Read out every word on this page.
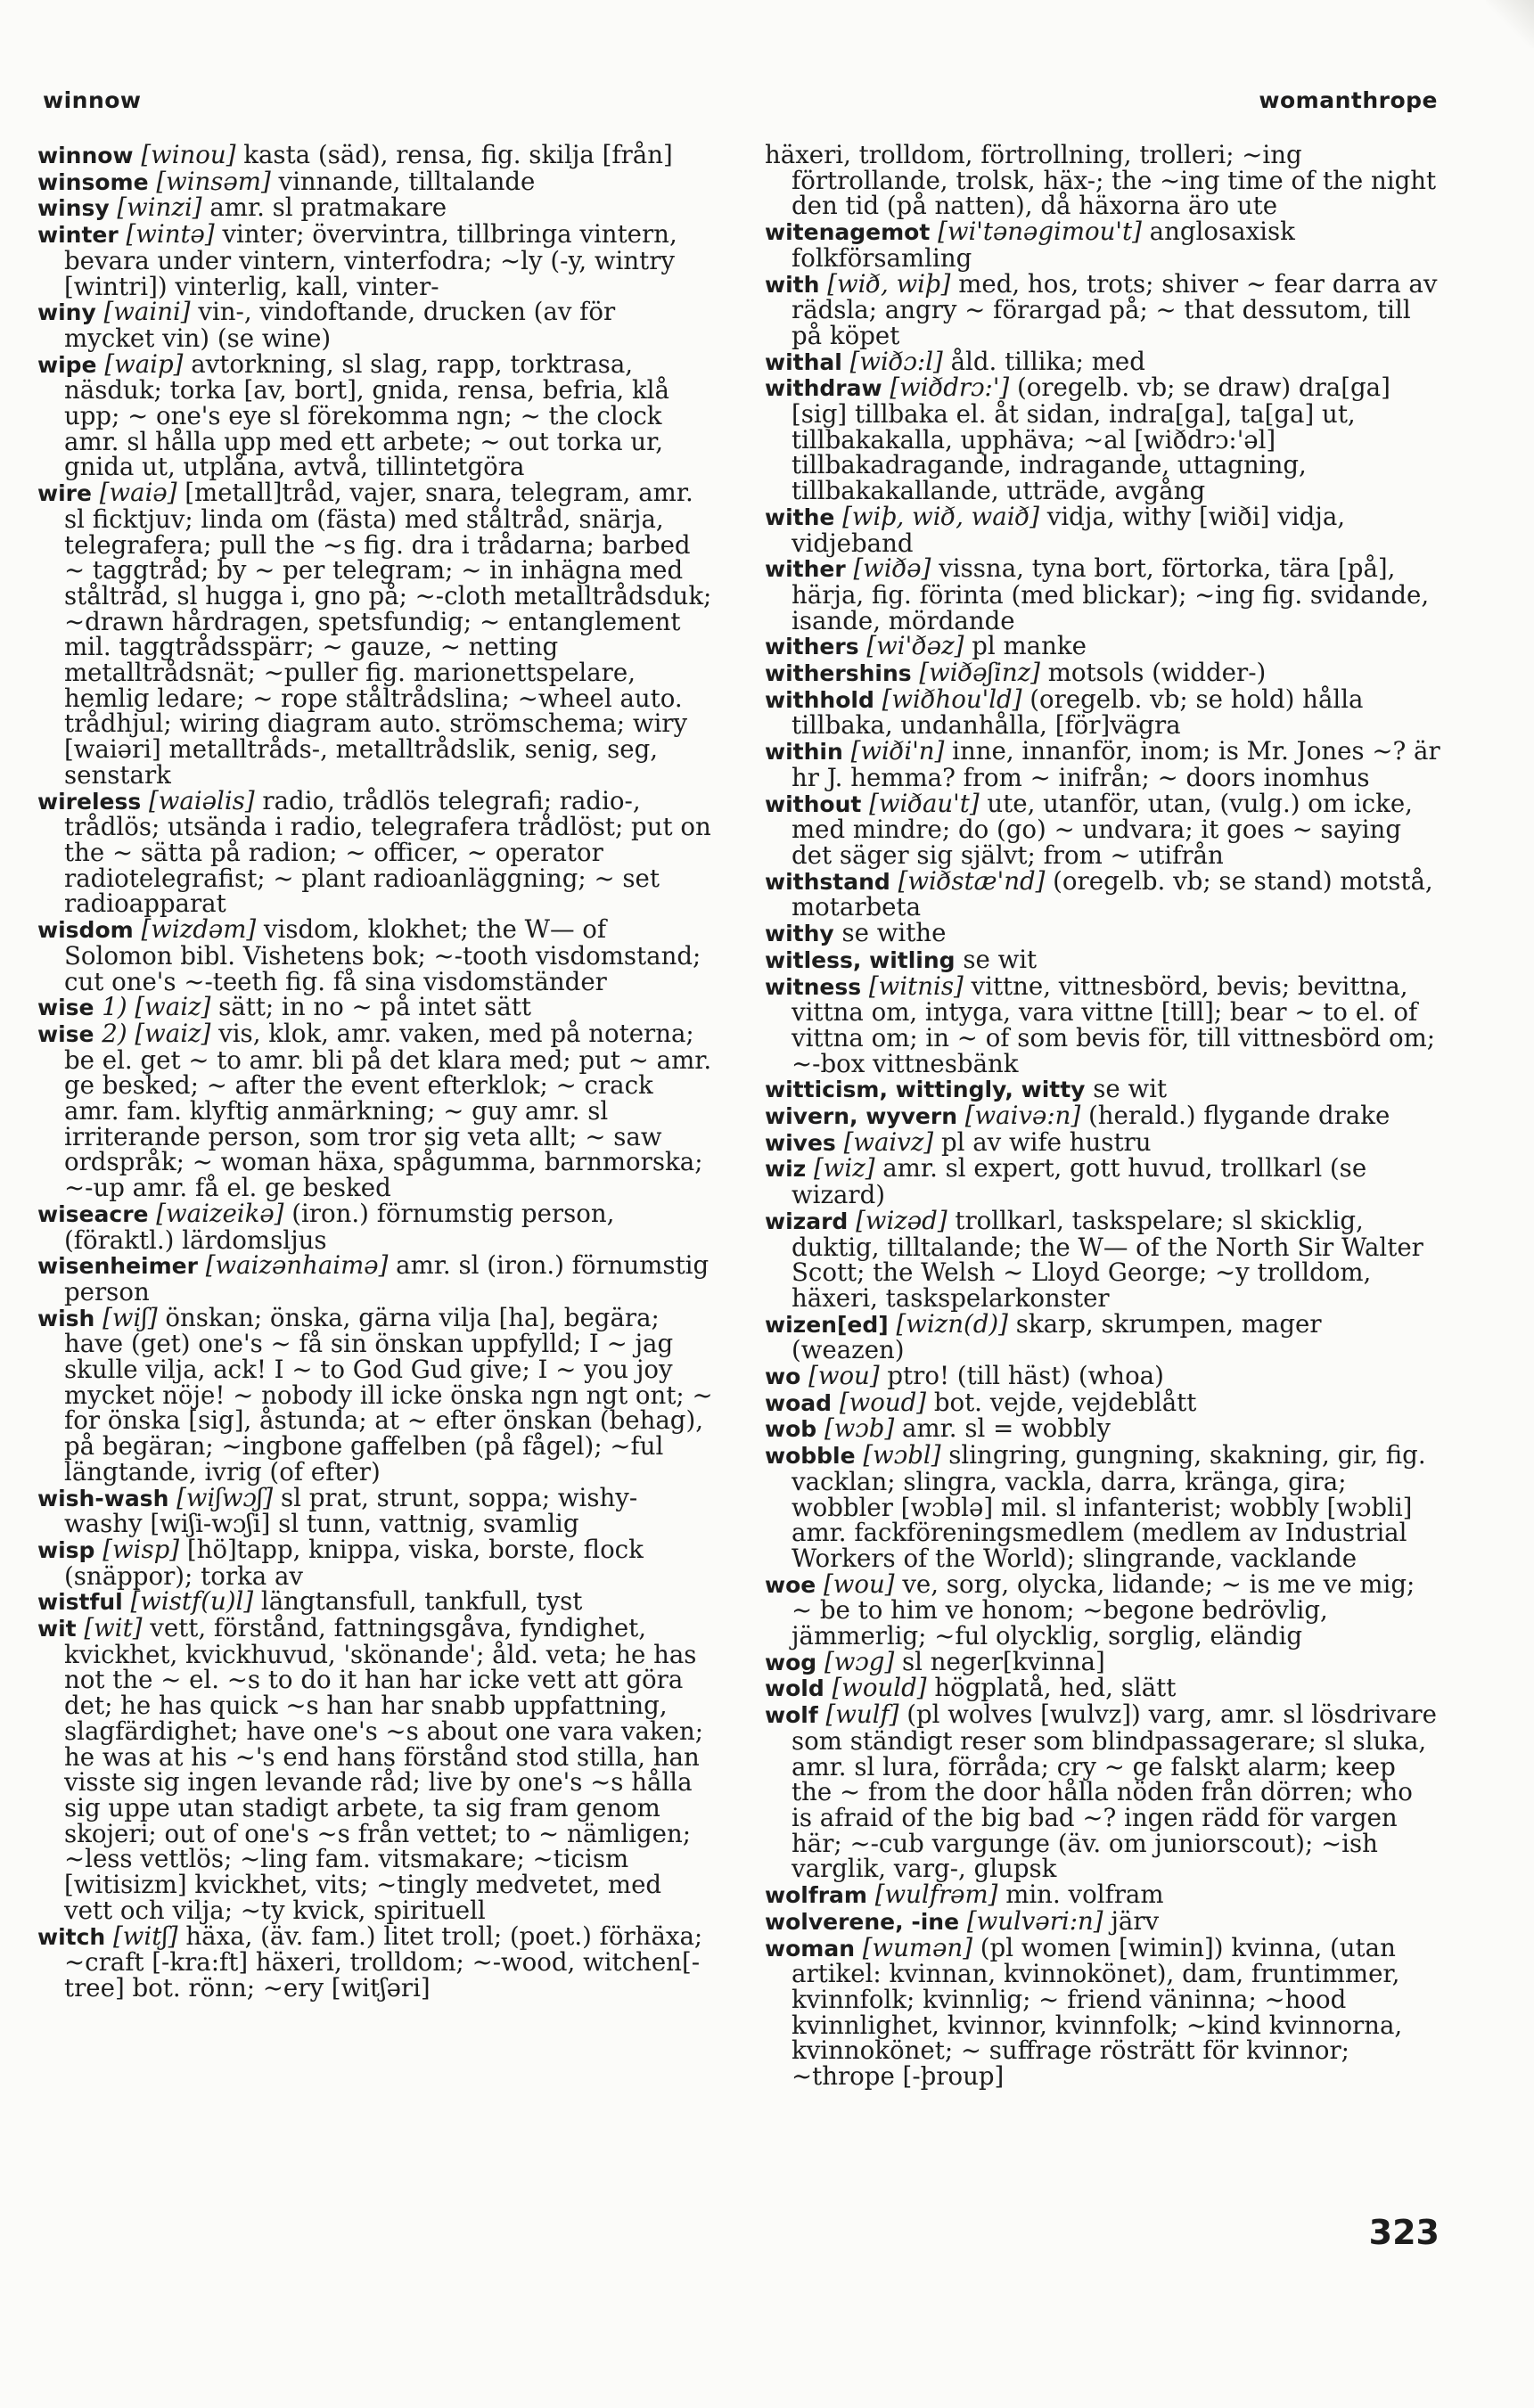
winnow	womanthrope

winnow [winou] kasta (säd), rensa, fig. skilja [från]

winsome [winsəm] vinnande, tilltalande

winsy [winzi] amr. sl pratmakare

winter [wintə] vinter; övervintra, tillbringa vintern, bevara under vintern, vinterfodra; ~ly (-y, wintry [wintri]) vinterlig, kall, vinter-

winy [waini] vin-, vindoftande, drucken (av för mycket vin) (se wine)

wipe [waip] avtorkning, sl slag, rapp, torktrasa, näsduk; torka [av, bort], gnida, rensa, befria, klå upp; ~ one's eye sl förekomma ngn; ~ the clock amr. sl hålla upp med ett arbete; ~ out torka ur, gnida ut, utplåna, avtvå, tillintetgöra

wire [waiə] [metall]tråd, vajer, snara, telegram, amr. sl ficktjuv; linda om (fästa) med ståltråd, snärja, telegrafera; pull the ~s fig. dra i trådarna; barbed ~ taggtråd; by ~ per telegram; ~ in inhägna med ståltråd, sl hugga i, gno på; ~-cloth metalltrådsduk; ~drawn hårdragen, spetsfundig; ~ entanglement mil. taggtrådsspärr; ~ gauze, ~ netting metalltrådsnät; ~puller fig. marionettspelare, hemlig ledare; ~ rope ståltrådslina; ~wheel auto. trådhjul; wiring diagram auto. strömschema; wiry [waiəri] metalltråds-, metalltrådslik, senig, seg, senstark

wireless [waiəlis] radio, trådlös telegrafi; radio-, trådlös; utsända i radio, telegrafera trådlöst; put on the ~ sätta på radion; ~ officer, ~ operator radiotelegrafist; ~ plant radioanläggning; ~ set radioapparat

wisdom [wizdəm] visdom, klokhet; the W— of Solomon bibl. Vishetens bok; ~-tooth visdomstand; cut one's ~-teeth fig. få sina visdomständer

wise 1) [waiz] sätt; in no ~ på intet sätt

wise 2) [waiz] vis, klok, amr. vaken, med på noterna; be el. get ~ to amr. bli på det klara med; put ~ amr. ge besked; ~ after the event efterklok; ~ crack amr. fam. klyftig anmärkning; ~ guy amr. sl irriterande person, som tror sig veta allt; ~ saw ordspråk; ~ woman häxa, spågumma, barnmorska; ~-up amr. få el. ge besked

wiseacre [waizeikə] (iron.) förnumstig person, (föraktl.) lärdomsljus

wisenheimer [waizənhaimə] amr. sl (iron.) förnumstig person

wish [wiʃ] önskan; önska, gärna vilja [ha], begära; have (get) one's ~ få sin önskan uppfylld; I ~ jag skulle vilja, ack! I ~ to God Gud give; I ~ you joy mycket nöje! ~ nobody ill icke önska ngn ngt ont; ~ for önska [sig], åstunda; at ~ efter önskan (behag), på begäran; ~ingbone gaffelben (på fågel); ~ful längtande, ivrig (of efter)

wish-wash [wiʃwɔʃ] sl prat, strunt, soppa; wishy-washy [wiʃi-wɔʃi] sl tunn, vattnig, svamlig

wisp [wisp] [hö]tapp, knippa, viska, borste, flock (snäppor); torka av

wistful [wistf(u)l] längtansfull, tankfull, tyst

wit [wit] vett, förstånd, fattningsgåva, fyndighet, kvickhet, kvickhuvud, 'skönande'; åld. veta; he has not the ~ el. ~s to do it han har icke vett att göra det; he has quick ~s han har snabb uppfattning, slagfärdighet; have one's ~s about one vara vaken; he was at his ~'s end hans förstånd stod stilla, han visste sig ingen levande råd; live by one's ~s hålla sig uppe utan stadigt arbete, ta sig fram genom skojeri; out of one's ~s från vettet; to ~ nämligen; ~less vettlös; ~ling fam. vitsmakare; ~ticism [witisizm] kvickhet, vits; ~tingly medvetet, med vett och vilja; ~ty kvick, spirituell

witch [witʃ] häxa, (äv. fam.) litet troll; (poet.) förhäxa; ~craft [-kra:ft] häxeri, trolldom; ~-wood, witchen[-tree] bot. rönn; ~ery [witʃəri]

häxeri, trolldom, förtrollning, trolleri; ~ing förtrollande, trolsk, häx-; the ~ing time of the night den tid (på natten), då häxorna äro ute

witenagemot [wi'tənəgimou't] anglosaxisk folkförsamling

with [wið, wiþ] med, hos, trots; shiver ~ fear darra av rädsla; angry ~ förargad på; ~ that dessutom, till på köpet

withal [wiðɔ:l] åld. tillika; med

withdraw [wiðdrɔ:'] (oregelb. vb; se draw) dra[ga] [sig] tillbaka el. åt sidan, indra[ga], ta[ga] ut, tillbakakalla, upphäva; ~al [wiðdrɔ:'əl] tillbakadragande, indragande, uttagning, tillbakakallande, utträde, avgång

withe [wiþ, wið, waið] vidja, withy [wiði] vidja, vidjeband

wither [wiðə] vissna, tyna bort, förtorka, tära [på], härja, fig. förinta (med blickar); ~ing fig. svidande, isande, mördande

withers [wi'ðəz] pl manke

withershins [wiðəʃinz] motsols (widder-)

withhold [wiðhou'ld] (oregelb. vb; se hold) hålla tillbaka, undanhålla, [för]vägra

within [wiði'n] inne, innanför, inom; is Mr. Jones ~? är hr J. hemma? from ~ inifrån; ~ doors inomhus

without [wiðau't] ute, utanför, utan, (vulg.) om icke, med mindre; do (go) ~ undvara; it goes ~ saying det säger sig självt; from ~ utifrån

withstand [wiðstæ'nd] (oregelb. vb; se stand) motstå, motarbeta

withy se withe

witless, witling se wit

witness [witnis] vittne, vittnesbörd, bevis; bevittna, vittna om, intyga, vara vittne [till]; bear ~ to el. of vittna om; in ~ of som bevis för, till vittnesbörd om; ~-box vittnesbänk

witticism, wittingly, witty se wit

wivern, wyvern [waivə:n] (herald.) flygande drake

wives [waivz] pl av wife hustru

wiz [wiz] amr. sl expert, gott huvud, trollkarl (se wizard)

wizard [wizəd] trollkarl, taskspelare; sl skicklig, duktig, tilltalande; the W— of the North Sir Walter Scott; the Welsh ~ Lloyd George; ~y trolldom, häxeri, taskspelarkonster

wizen[ed] [wizn(d)] skarp, skrumpen, mager (weazen)

wo [wou] ptro! (till häst) (whoa)

woad [woud] bot. vejde, vejdeblått

wob [wɔb] amr. sl = wobbly

wobble [wɔbl] slingring, gungning, skakning, gir, fig. vacklan; slingra, vackla, darra, kränga, gira; wobbler [wɔblə] mil. sl infanterist; wobbly [wɔbli] amr. fackföreningsmedlem (medlem av Industrial Workers of the World); slingrande, vacklande

woe [wou] ve, sorg, olycka, lidande; ~ is me ve mig; ~ be to him ve honom; ~begone bedrövlig, jämmerlig; ~ful olycklig, sorglig, eländig

wog [wɔg] sl neger[kvinna]

wold [would] högplatå, hed, slätt

wolf [wulf] (pl wolves [wulvz]) varg, amr. sl lösdrivare som ständigt reser som blindpassagerare; sl sluka, amr. sl lura, förråda; cry ~ ge falskt alarm; keep the ~ from the door hålla nöden från dörren; who is afraid of the big bad ~? ingen rädd för vargen här; ~-cub vargunge (äv. om juniorscout); ~ish varglik, varg-, glupsk

wolfram [wulfrəm] min. volfram

wolverene, -ine [wulvəri:n] järv

woman [wumən] (pl women [wimin]) kvinna, (utan artikel: kvinnan, kvinnokönet), dam, fruntimmer, kvinnfolk; kvinnlig; ~ friend väninna; ~hood kvinnlighet, kvinnor, kvinnfolk; ~kind kvinnorna, kvinnokönet; ~ suffrage rösträtt för kvinnor; ~thrope [-þroup]

323
